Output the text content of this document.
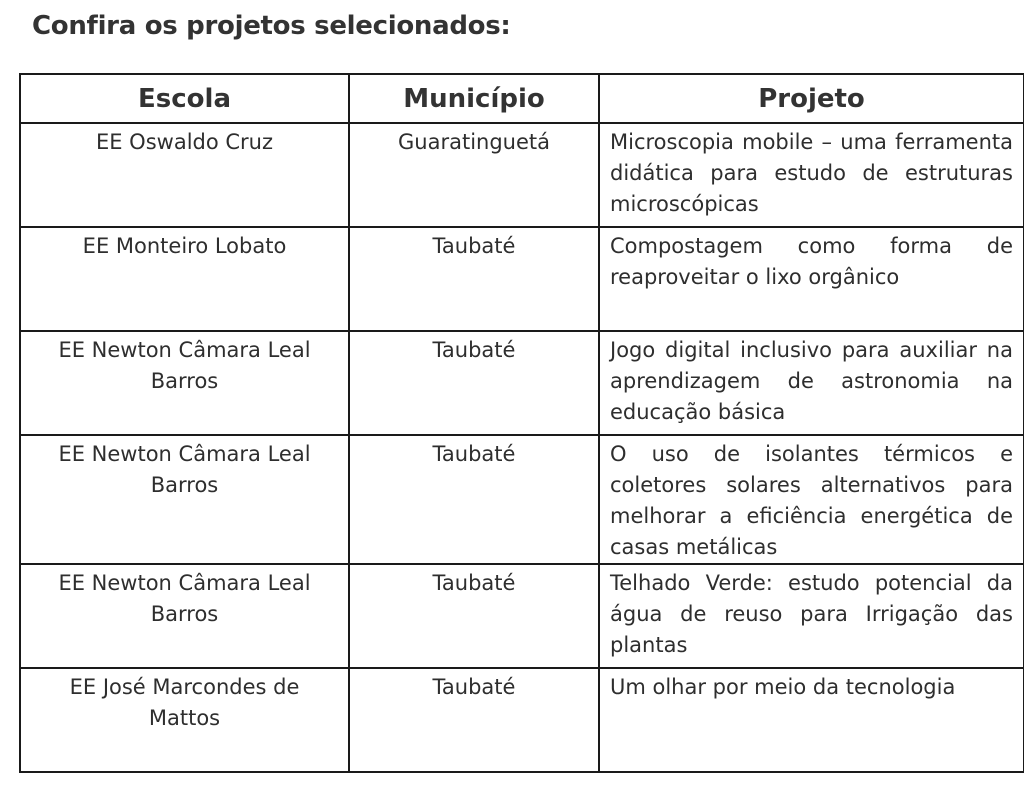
Confira os projetos selecionados:
Escola	Município	Projeto
EE Oswaldo Cruz	Guaratinguetá	Microscopia mobile – uma ferramenta didática para estudo de estruturas microscópicas
EE Monteiro Lobato	Taubaté	Compostagem como forma de reaproveitar o lixo orgânico
EE Newton Câmara Leal Barros	Taubaté	Jogo digital inclusivo para auxiliar na aprendizagem de astronomia na educação básica
EE Newton Câmara Leal Barros	Taubaté	O uso de isolantes térmicos e coletores solares alternativos para melhorar a eficiência energética de casas metálicas
EE Newton Câmara Leal Barros	Taubaté	Telhado Verde: estudo potencial da água de reuso para Irrigação das plantas
EE José Marcondes de Mattos	Taubaté	Um olhar por meio da tecnologia
